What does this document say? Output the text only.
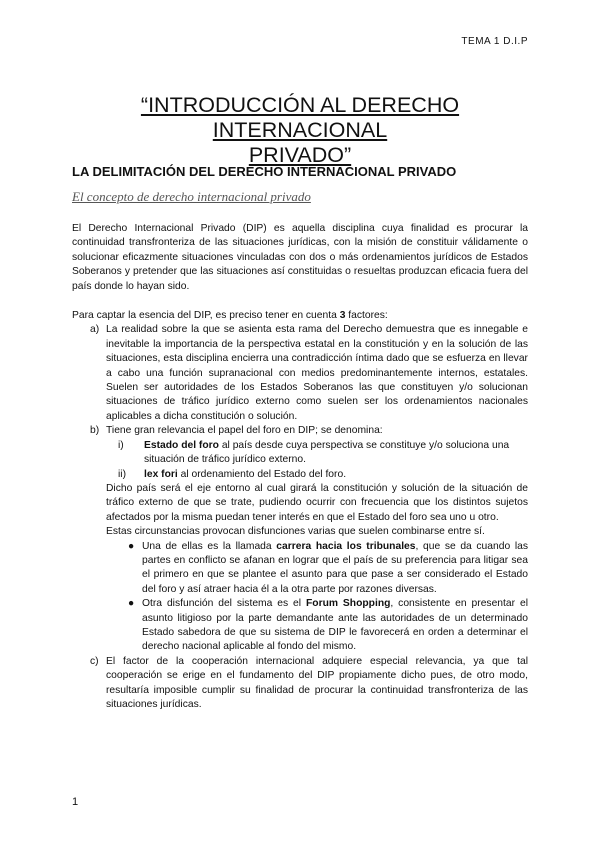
TEMA 1 D.I.P
“INTRODUCCIÓN AL DERECHO INTERNACIONAL
PRIVADO”
LA DELIMITACIÓN DEL DERECHO INTERNACIONAL PRIVADO
El concepto de derecho internacional privado

El Derecho Internacional Privado (DIP) es aquella disciplina cuya finalidad es procurar la continuidad transfronteriza de las situaciones jurídicas, con la misión de constituir válidamente o solucionar eficazmente situaciones vinculadas con dos o más ordenamientos jurídicos de Estados Soberanos y pretender que las situaciones así constituidas o resueltas produzcan eficacia fuera del país donde lo hayan sido.

Para captar la esencia del DIP, es preciso tener en cuenta 3 factores:

a) La realidad sobre la que se asienta esta rama del Derecho demuestra que es innegable e inevitable la importancia de la perspectiva estatal en la constitución y en la solución de las situaciones, esta disciplina encierra una contradicción íntima dado que se esfuerza en llevar a cabo una función supranacional con medios predominantemente internos, estatales. Suelen ser autoridades de los Estados Soberanos las que constituyen y/o solucionan situaciones de tráfico jurídico externo como suelen ser los ordenamientos nacionales aplicables a dicha constitución o solución.
b) Tiene gran relevancia el papel del foro en DIP; se denomina:
i) Estado del foro al país desde cuya perspectiva se constituye y/o soluciona una situación de tráfico jurídico externo.
ii) lex fori al ordenamiento del Estado del foro.

Dicho país será el eje entorno al cual girará la constitución y solución de la situación de tráfico externo de que se trate, pudiendo ocurrir con frecuencia que los distintos sujetos afectados por la misma puedan tener interés en que el Estado del foro sea uno u otro.

Estas circunstancias provocan disfunciones varias que suelen combinarse entre sí.

● Una de ellas es la llamada carrera hacia los tribunales, que se da cuando las partes en conflicto se afanan en lograr que el país de su preferencia para litigar sea el primero en que se plantee el asunto para que pase a ser considerado el Estado del foro y así atraer hacia él a la otra parte por razones diversas.
● Otra disfunción del sistema es el Forum Shopping, consistente en presentar el asunto litigioso por la parte demandante ante las autoridades de un determinado Estado sabedora de que su sistema de DIP le favorecerá en orden a determinar el derecho nacional aplicable al fondo del mismo.
c) El factor de la cooperación internacional adquiere especial relevancia, ya que tal cooperación se erige en el fundamento del DIP propiamente dicho pues, de otro modo, resultaría imposible cumplir su finalidad de procurar la continuidad transfronteriza de las situaciones jurídicas.
1
